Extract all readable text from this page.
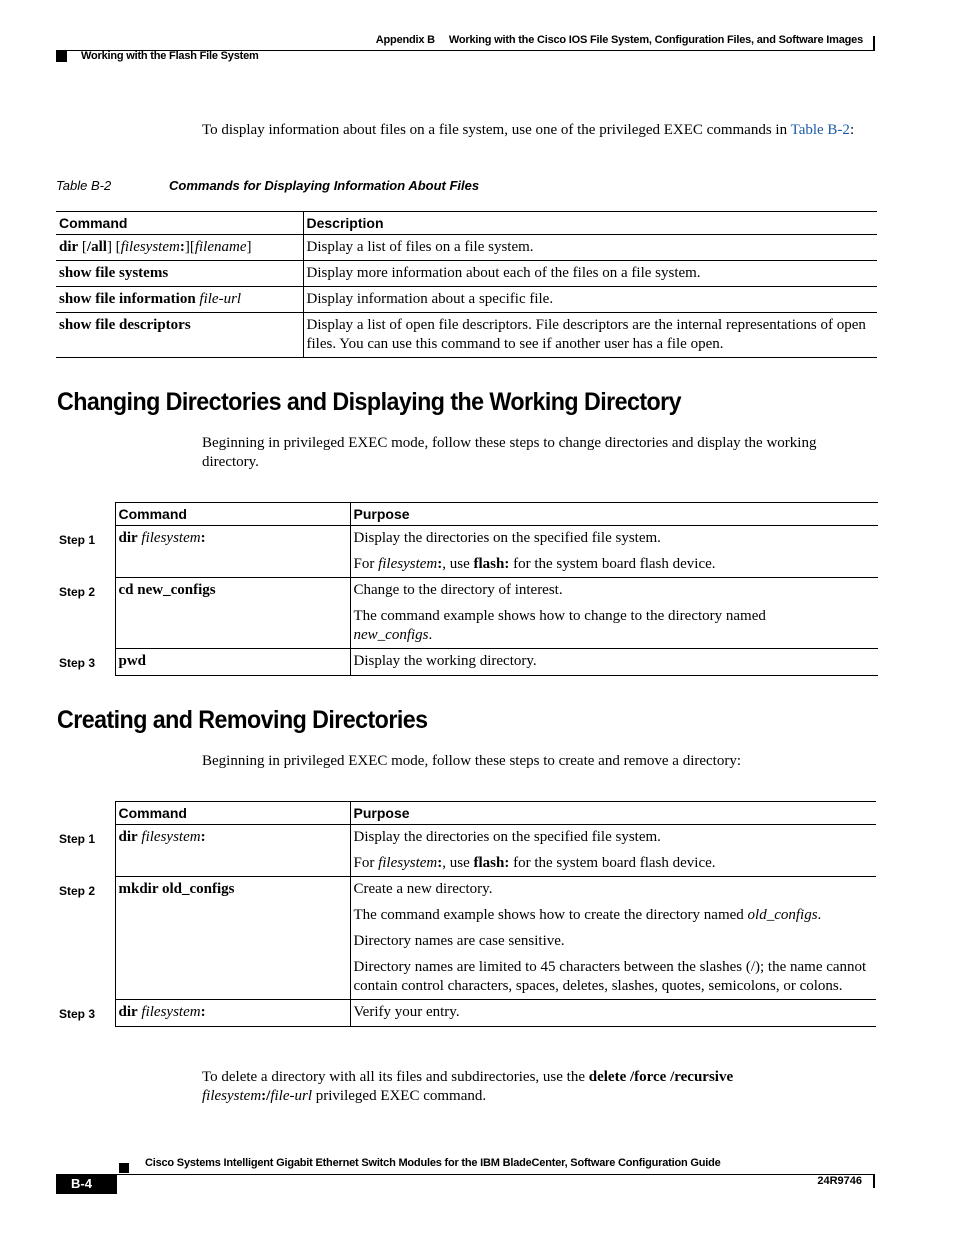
Appendix B Working with the Cisco IOS File System, Configuration Files, and Software Images
Working with the Flash File System
To display information about files on a file system, use one of the privileged EXEC commands in Table B-2:
Table B-2	Commands for Displaying Information About Files
Command	Description
dir [/all] [filesystem:][filename]	Display a list of files on a file system.
show file systems	Display more information about each of the files on a file system.
show file information file-url	Display information about a specific file.
show file descriptors	Display a list of open file descriptors. File descriptors are the internal representations of open files. You can use this command to see if another user has a file open.
Changing Directories and Displaying the Working Directory
Beginning in privileged EXEC mode, follow these steps to change directories and display the working directory.
	Command	Purpose
Step 1	dir filesystem:	Display the directories on the specified file system.

For filesystem:, use flash: for the system board flash device.

Step 2	cd new_configs	Change to the directory of interest.

The command example shows how to change to the directory named
new_configs.

Step 3	pwd	Display the working directory.

Creating and Removing Directories
Beginning in privileged EXEC mode, follow these steps to create and remove a directory:
	Command	Purpose
Step 1	dir filesystem:	Display the directories on the specified file system.

For filesystem:, use flash: for the system board flash device.

Step 2	mkdir old_configs	Create a new directory.

The command example shows how to create the directory named old_configs.

Directory names are case sensitive.

Directory names are limited to 45 characters between the slashes (/); the name cannot contain control characters, spaces, deletes, slashes, quotes, semicolons, or colons.

Step 3	dir filesystem:	Verify your entry.

To delete a directory with all its files and subdirectories, use the delete /force /recursive
filesystem:/file-url privileged EXEC command.
Cisco Systems Intelligent Gigabit Ethernet Switch Modules for the IBM BladeCenter, Software Configuration Guide
B-4	24R9746
